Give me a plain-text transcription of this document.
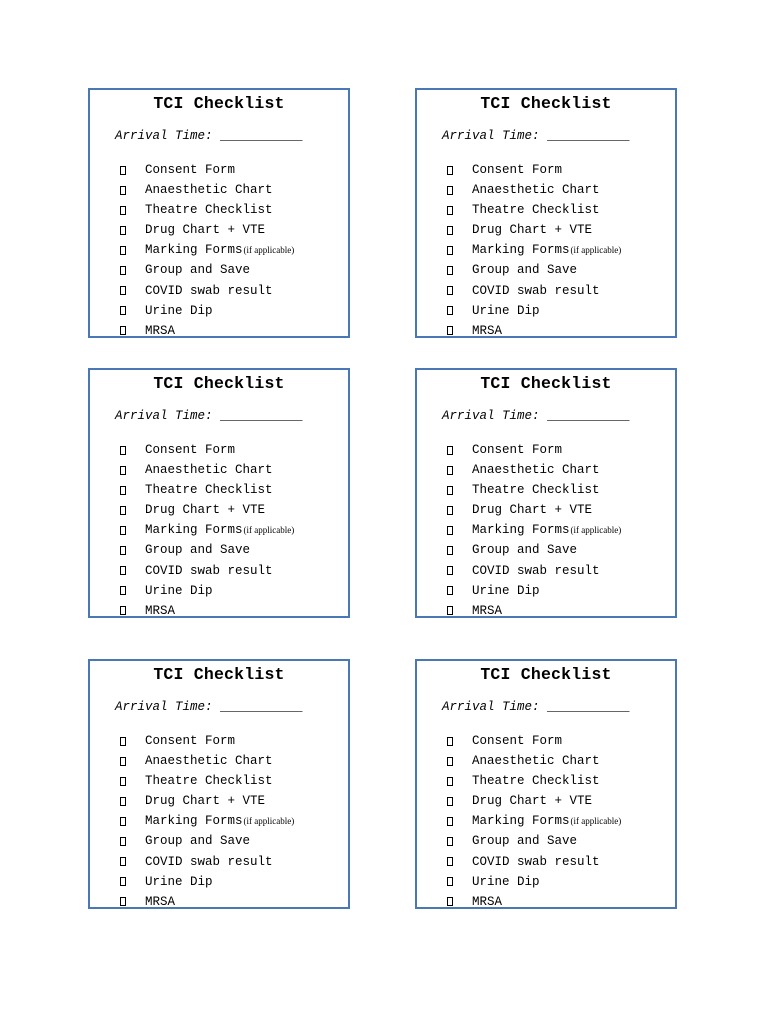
TCI Checklist
Arrival Time: ___________
Consent Form
Anaesthetic Chart
Theatre Checklist
Drug Chart + VTE
Marking Forms (if applicable)
Group and Save
COVID swab result
Urine Dip
MRSA
TCI Checklist
Arrival Time: ___________
Consent Form
Anaesthetic Chart
Theatre Checklist
Drug Chart + VTE
Marking Forms (if applicable)
Group and Save
COVID swab result
Urine Dip
MRSA
TCI Checklist
Arrival Time: ___________
Consent Form
Anaesthetic Chart
Theatre Checklist
Drug Chart + VTE
Marking Forms (if applicable)
Group and Save
COVID swab result
Urine Dip
MRSA
TCI Checklist
Arrival Time: ___________
Consent Form
Anaesthetic Chart
Theatre Checklist
Drug Chart + VTE
Marking Forms (if applicable)
Group and Save
COVID swab result
Urine Dip
MRSA
TCI Checklist
Arrival Time: ___________
Consent Form
Anaesthetic Chart
Theatre Checklist
Drug Chart + VTE
Marking Forms (if applicable)
Group and Save
COVID swab result
Urine Dip
MRSA
TCI Checklist
Arrival Time: ___________
Consent Form
Anaesthetic Chart
Theatre Checklist
Drug Chart + VTE
Marking Forms (if applicable)
Group and Save
COVID swab result
Urine Dip
MRSA
